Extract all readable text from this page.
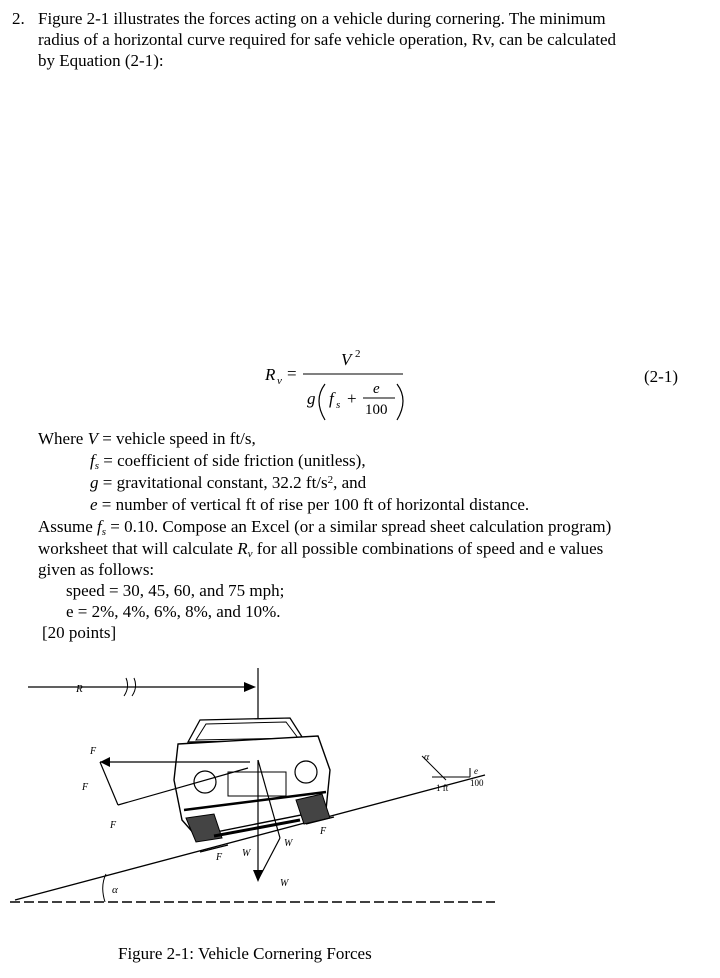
2. Figure 2-1 illustrates the forces acting on a vehicle during cornering. The minimum
radius of a horizontal curve required for safe vehicle operation, Rv, can be calculated
by Equation (2-1):
R v =
V 2
g f s + e
100
(2-1)
Where V = vehicle speed in ft/s,
$f_s$ = coefficient of side friction (unitless),
g = gravitational constant, 32.2 $ft/s^2$, and
e = number of vertical ft of rise per 100 ft of horizontal distance.
Assume $f_s = 0.10$. Compose an Excel (or a similar spread sheet calculation program)
worksheet that will calculate $R_v$ for all possible combinations of speed and e values
given as follows:
speed = 30, 45, 60, and 75 mph;
e = 2%, 4%, 6%, 8%, and 10%.
[20 points]
R
α
α
1 ft
e
100
F
F
F
W
W
W
F
F
Figure 2-1: Vehicle Cornering Forces
